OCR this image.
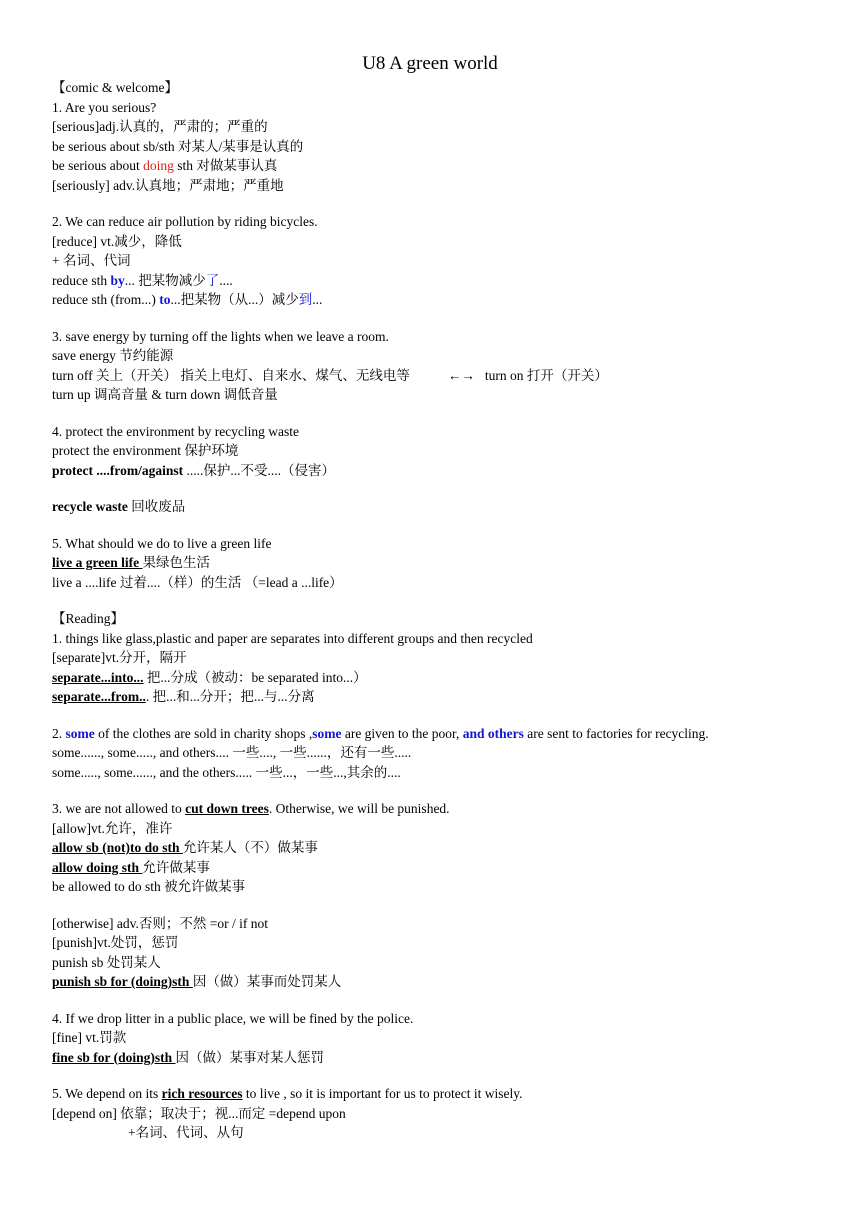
U8 A green world
【comic & welcome】
1. Are you serious?
[serious]adj.认真的，严肃的；严重的
be serious about sb/sth 对某人/某事是认真的
be serious about doing sth 对做某事认真
[seriously] adv.认真地；严肃地；严重地
2. We can reduce air pollution by riding bicycles.
[reduce] vt.减少，降低
+ 名词、代词
reduce sth by... 把某物减少了....
reduce sth (from...) to...把某物（从...）减少到...
3. save energy by turning off the lights when we leave a room.
save energy 节约能源
turn off 关上（开关） 指关上电灯、自来水、煤气、无线电等	←→ turn on 打开（开关）
turn up 调高音量 & turn down 调低音量
4. protect the environment by recycling waste
protect the environment 保护环境
protect ....from/against .....保护...不受....（侵害）
recycle waste 回收废品
5. What should we do to live a green life
live a green life 果绿色生活
live a ....life 过着....（样）的生活 （=lead a ...life）
【Reading】
1. things like glass,plastic and paper are separates into different groups and then recycled
[separate]vt.分开，隔开
separate...into... 把...分成（被动：be separated into...）
separate...from... 把...和...分开；把...与...分离
2. some of the clothes are sold in charity shops ,some are given to the poor, and others are sent to factories for recycling.
some......, some....., and others.... 一些...., 一些......，还有一些.....
some....., some......, and the others..... 一些...，一些...,其余的....
3. we are not allowed to cut down trees. Otherwise, we will be punished.
[allow]vt.允许，准许
allow sb (not)to do sth 允许某人（不）做某事
allow doing sth 允许做某事
be allowed to do sth 被允许做某事
[otherwise] adv.否则；不然 =or / if not
[punish]vt.处罚，惩罚
punish sb 处罚某人
punish sb for (doing)sth 因（做）某事而处罚某人
4. If we drop litter in a public place, we will be fined by the police.
[fine] vt.罚款
fine sb for (doing)sth 因（做）某事对某人惩罚
5. We depend on its rich resources to live , so it is important for us to protect it wisely.
[depend on] 依靠；取决于；视...而定 =depend upon
+名词、代词、从句
